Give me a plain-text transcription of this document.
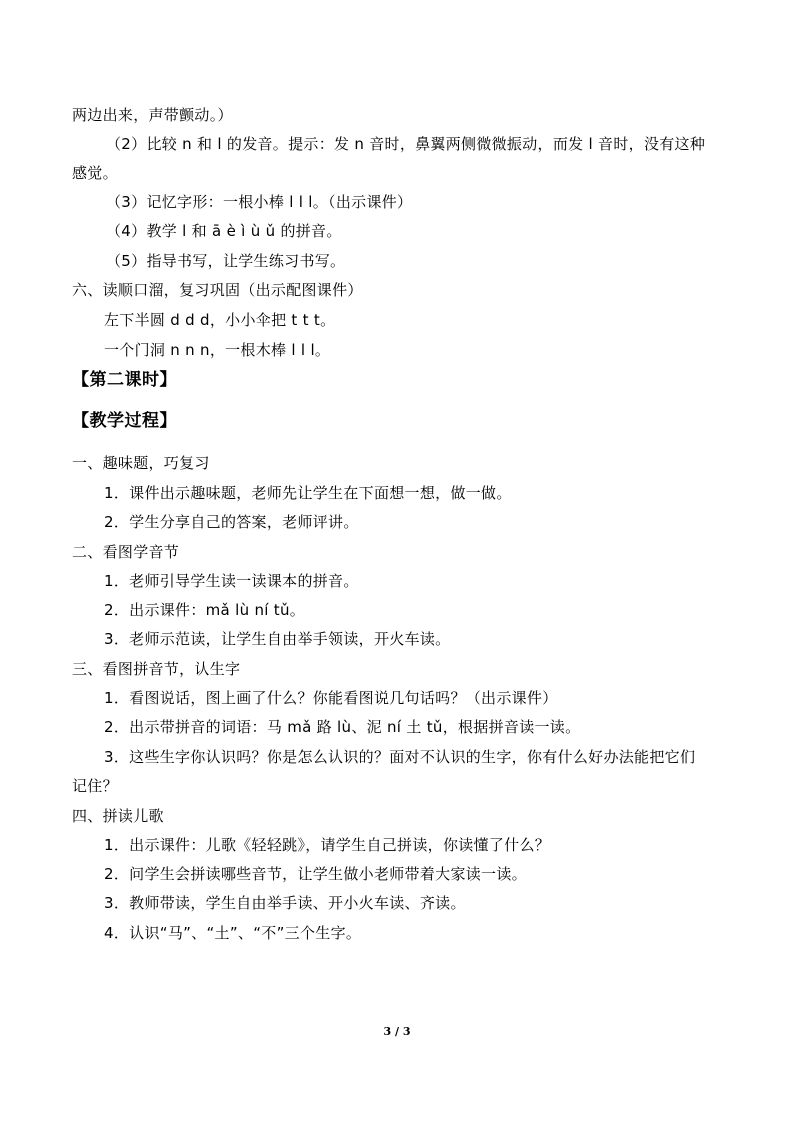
两边出来，声带颤动。）
（2）比较 n 和 l 的发音。提示：发 n 音时，鼻翼两侧微微振动，而发 l 音时，没有这种
感觉。
（3）记忆字形：一根小棒 l l l。（出示课件）
（4）教学 l 和 ā è ì ù ǔ 的拼音。
（5）指导书写，让学生练习书写。
六、读顺口溜，复习巩固（出示配图课件）
左下半圆 d d d，小小伞把 t t t。
一个门洞 n n n，一根木棒 l l l。
【第二课时】
【教学过程】
一、趣味题，巧复习
1．课件出示趣味题，老师先让学生在下面想一想，做一做。
2．学生分享自己的答案，老师评讲。
二、看图学音节
1．老师引导学生读一读课本的拼音。
2．出示课件：mǎ lù ní tǔ。
3．老师示范读，让学生自由举手领读，开火车读。
三、看图拼音节，认生字
1．看图说话，图上画了什么？你能看图说几句话吗？（出示课件）
2．出示带拼音的词语：马 mǎ 路 lù、泥 ní 土 tǔ，根据拼音读一读。
3．这些生字你认识吗？你是怎么认识的？面对不认识的生字，你有什么好办法能把它们
记住？
四、拼读儿歌
1．出示课件：儿歌《轻轻跳》，请学生自己拼读，你读懂了什么？
2．问学生会拼读哪些音节，让学生做小老师带着大家读一读。
3．教师带读，学生自由举手读、开小火车读、齐读。
4．认识“马”、“土”、“不”三个生字。
3 / 3
